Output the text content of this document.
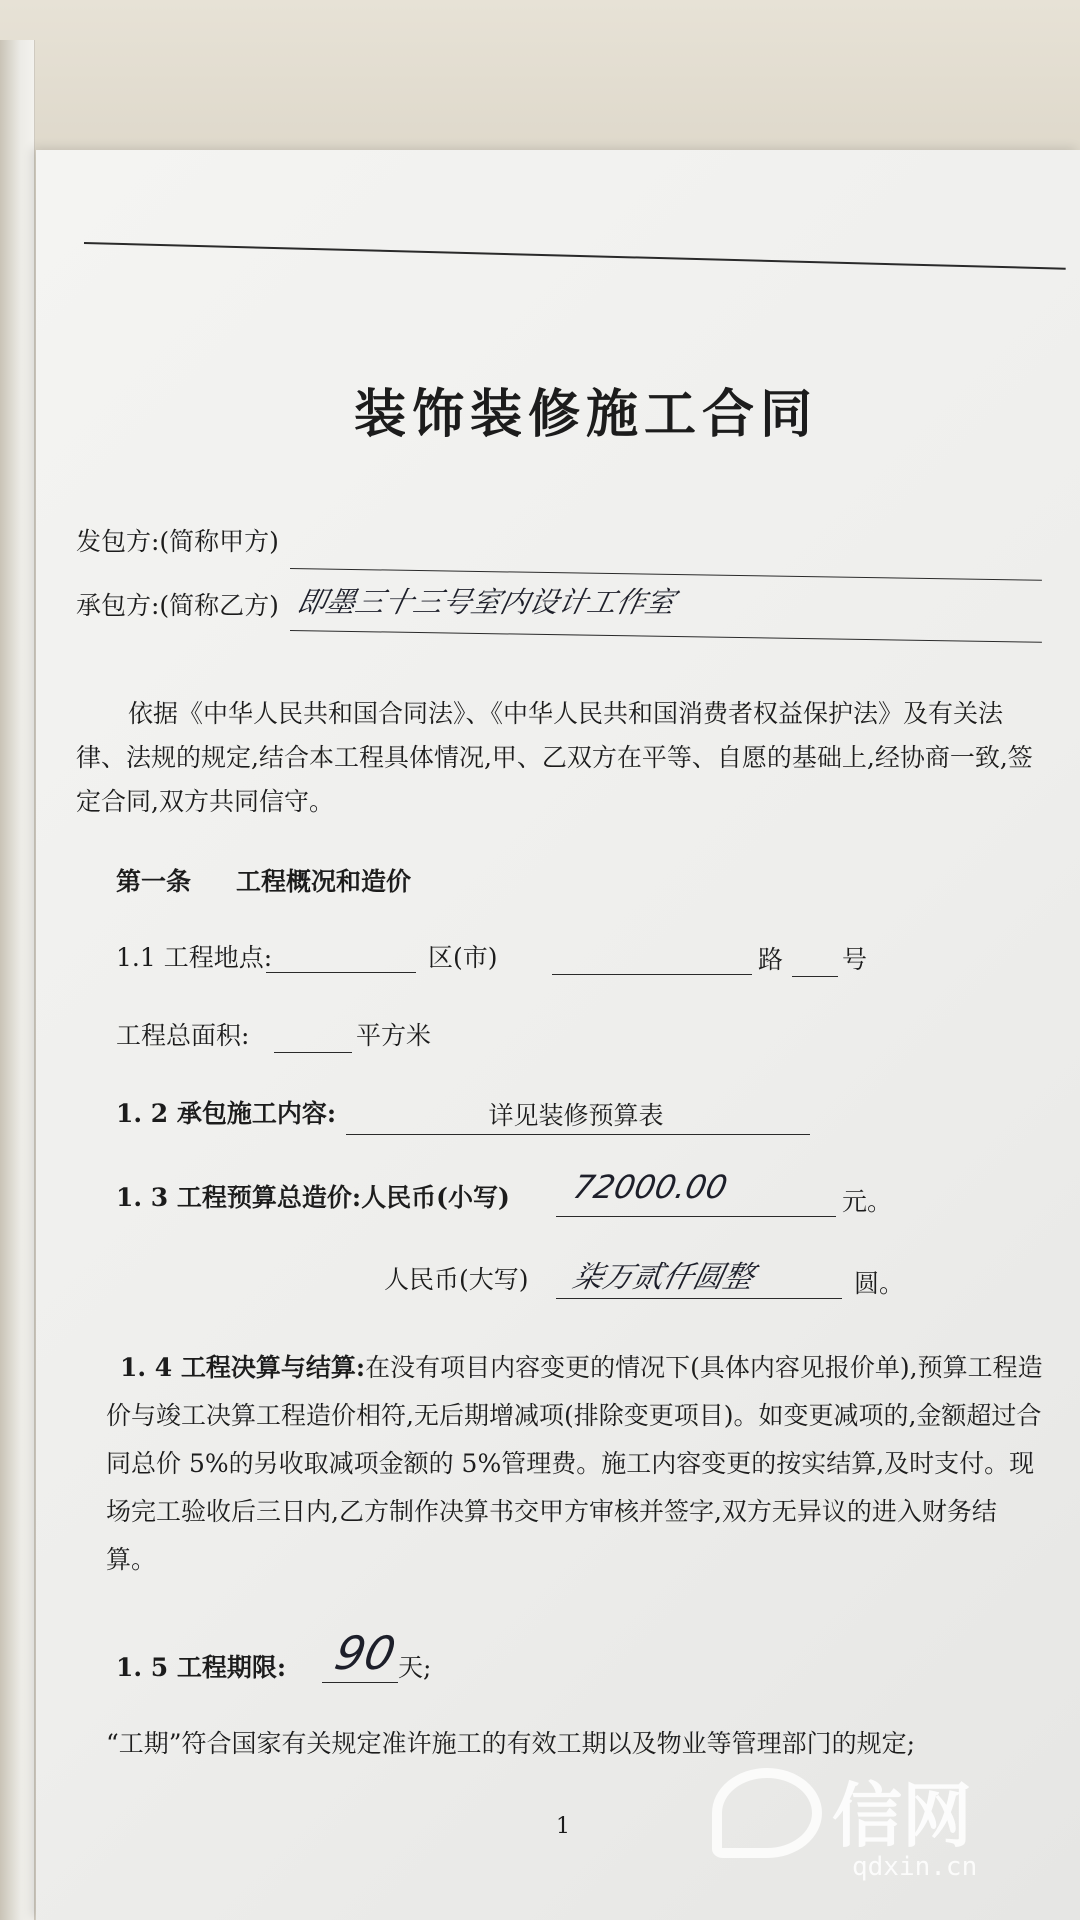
装饰装修施工合同
发包方:(简称甲方)
承包方:(简称乙方) 即墨三十三号室内设计工作室
依据《中华人民共和国合同法》、《中华人民共和国消费者权益保护法》及有关法律、法规的规定,结合本工程具体情况,甲、乙双方在平等、自愿的基础上,经协商一致,签定合同,双方共同信守。
第一条 工程概况和造价
1.1 工程地点:	区(市)	路 号
工程总面积:	平方米
1. 2 承包施工内容:	详见装修预算表
1. 3 工程预算总造价:人民币(小写) 72000.00	元。
人民币(大写) 柒万贰仟圆整	圆。
1. 4 工程决算与结算:在没有项目内容变更的情况下(具体内容见报价单),预算工程造价与竣工决算工程造价相符,无后期增减项(排除变更项目)。如变更减项的,金额超过合同总价 5%的另收取减项金额的 5%管理费。施工内容变更的按实结算,及时支付。现场完工验收后三日内,乙方制作决算书交甲方审核并签字,双方无异议的进入财务结算。
1. 5 工程期限: 90
天;
“工期”符合国家有关规定准许施工的有效工期以及物业等管理部门的规定;
1	信网
qdxin.cn
